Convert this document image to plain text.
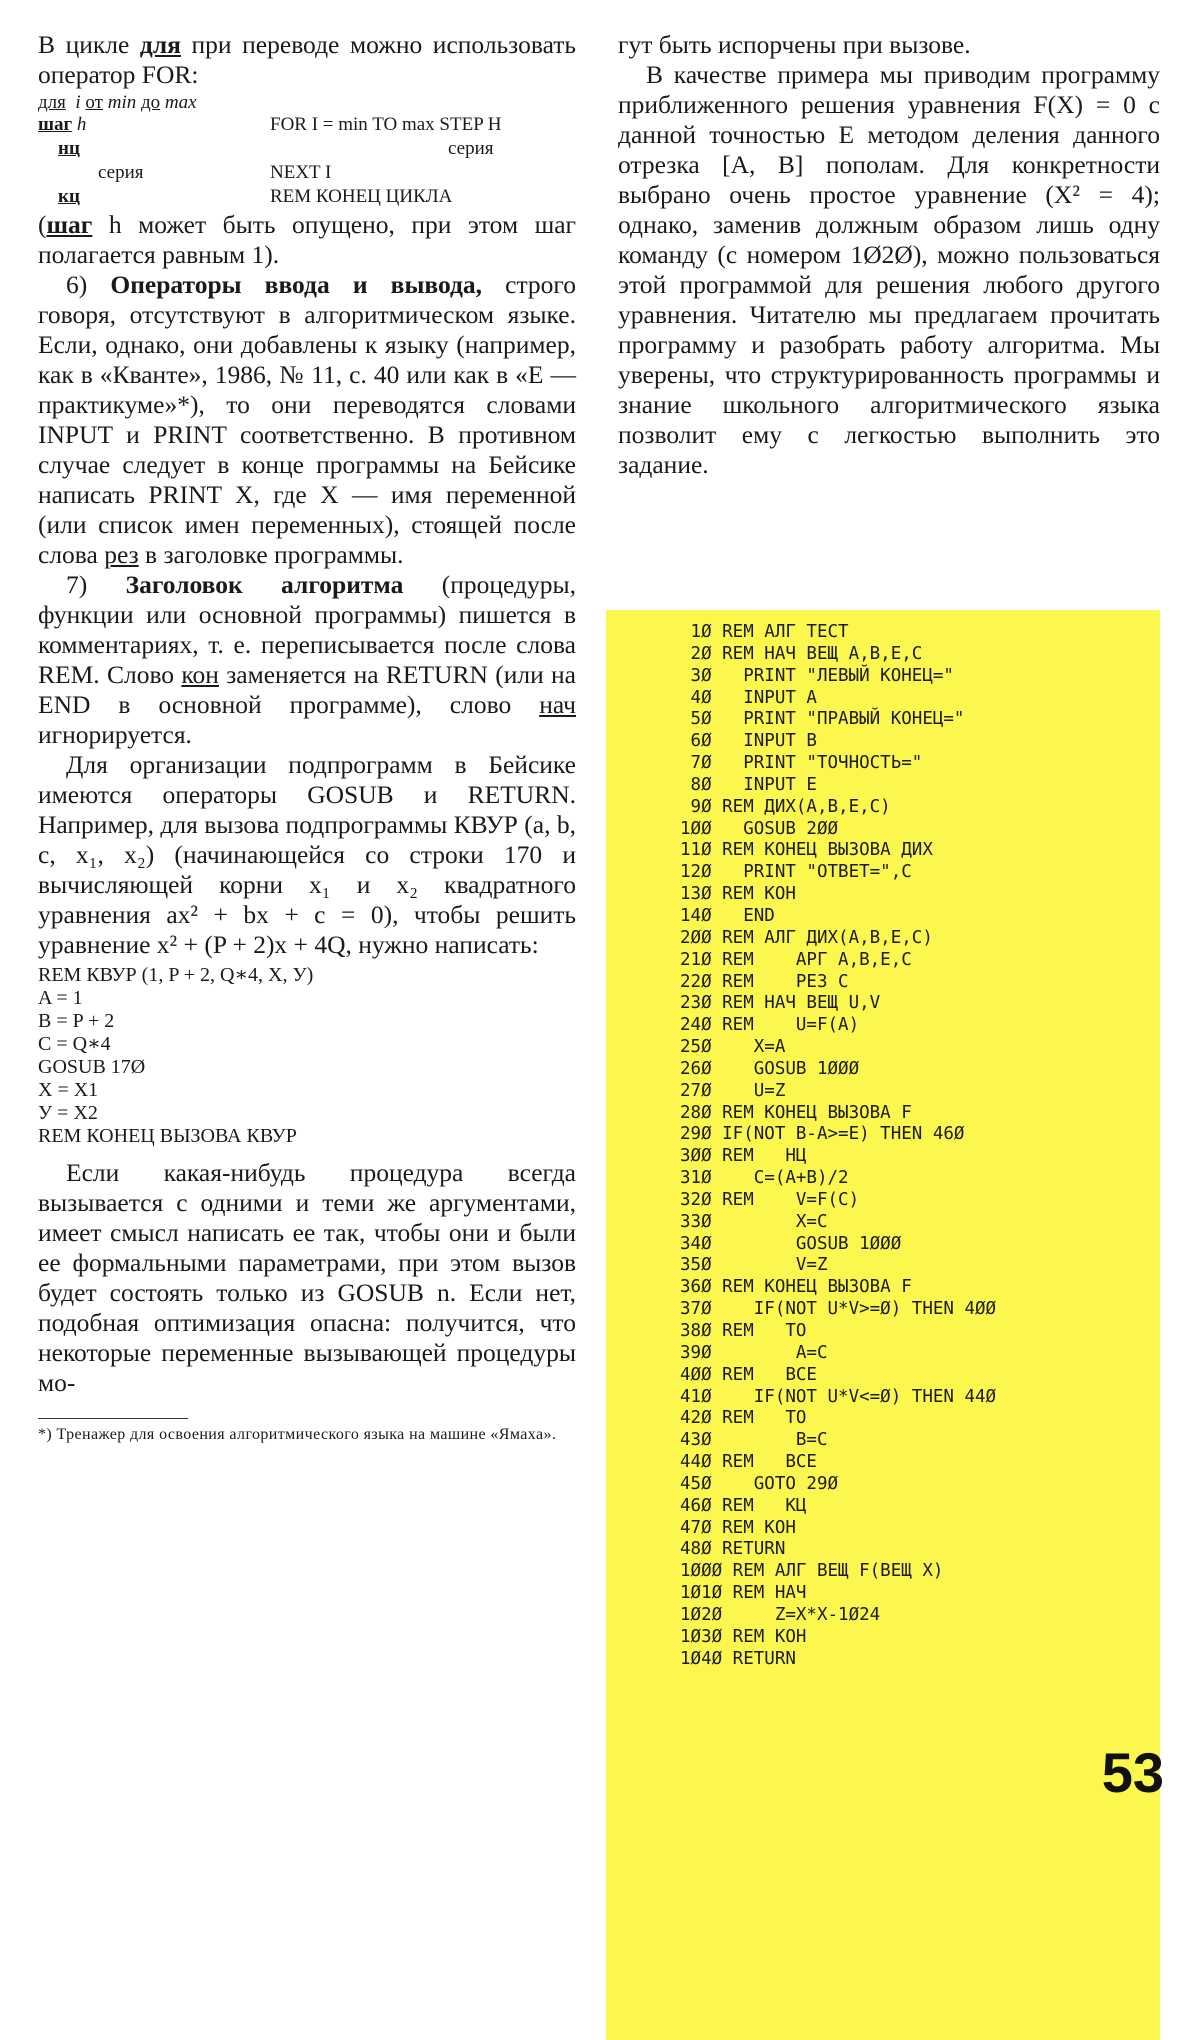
В цикле для при переводе можно использовать оператор FOR:

для i от min до max
шаг h	FOR I = min TO max STEP H
нц	серия
серия	NEXT I
кц	REM КОНЕЦ ЦИКЛА

(шаг h может быть опущено, при этом шаг полагается равным 1).

6) Операторы ввода и вывода, строго говоря, отсутствуют в алгоритмическом языке. Если, однако, они добавлены к языку (например, как в «Кванте», 1986, № 11, с. 40 или как в «Е — практикуме»*), то они переводятся словами INPUT и PRINT соответственно. В противном случае следует в конце программы на Бейсике написать PRINT X, где X — имя переменной (или список имен переменных), стоящей после слова рез в заголовке программы.

7) Заголовок алгоритма (процедуры, функции или основной программы) пишется в комментариях, т. е. переписывается после слова REM. Слово кон заменяется на RETURN (или на END в основной программе), слово нач игнорируется.

Для организации подпрограмм в Бейсике имеются операторы GOSUB и RETURN. Например, для вызова подпрограммы КВУР (a, b, c, x₁, x₂) (начинающейся со строки 170 и вычисляющей корни x₁ и x₂ квадратного уравнения ax² + bx + c = 0), чтобы решить уравнение x² + (P + 2)x + 4Q, нужно написать:

REM КВУР (1, P + 2, Q∗4, X, У)
A = 1
B = P + 2
C = Q∗4
GOSUB 17Ø
X = X1
У = X2
REM КОНЕЦ ВЫЗОВА КВУР

Если какая-нибудь процедура всегда вызывается с одними и теми же аргументами, имеет смысл написать ее так, чтобы они и были ее формальными параметрами, при этом вызов будет состоять только из GOSUB n. Если нет, подобная оптимизация опасна: получится, что некоторые переменные вызывающей процедуры мо-

*) Тренажер для освоения алгоритмического языка на машине «Ямаха».

гут быть испорчены при вызове.

В качестве примера мы приводим программу приближенного решения уравнения F(X) = 0 с данной точностью E методом деления данного отрезка [A, B] пополам. Для конкретности выбрано очень простое уравнение (X² = 4); однако, заменив должным образом лишь одну команду (с номером 1Ø2Ø), можно пользоваться этой программой для решения любого другого уравнения. Читателю мы предлагаем прочитать программу и разобрать работу алгоритма. Мы уверены, что структурированность программы и знание школьного алгоритмического языка позволит ему с легкостью выполнить это задание.

1Ø REM АЛГ ТЕСТ
2Ø REM НАЧ ВЕЩ A,B,E,C
3Ø   PRINT "ЛЕВЫЙ КОНЕЦ="
4Ø   INPUT A
5Ø   PRINT "ПРАВЫЙ КОНЕЦ="
6Ø   INPUT B
7Ø   PRINT "ТОЧНОСТЬ="
8Ø   INPUT E
9Ø REM ДИХ(A,B,E,C)
1ØØ   GOSUB 2ØØ
11Ø REM КОНЕЦ ВЫЗОВА ДИХ
12Ø   PRINT "ОТВЕТ=",C
13Ø REM КОН
14Ø   END
2ØØ REM АЛГ ДИХ(A,B,E,C)
21Ø REM    АРГ A,B,E,C
22Ø REM    РЕЗ C
23Ø REM НАЧ ВЕЩ U,V
24Ø REM    U=F(A)
25Ø    X=A
26Ø    GOSUB 1ØØØ
27Ø    U=Z
28Ø REM КОНЕЦ ВЫЗОВА F
29Ø IF(NOT B-A>=E) THEN 46Ø
3ØØ REM   НЦ
31Ø    C=(A+B)/2
32Ø REM    V=F(C)
33Ø        X=C
34Ø        GOSUB 1ØØØ
35Ø        V=Z
36Ø REM КОНЕЦ ВЫЗОВА F
37Ø    IF(NOT U*V>=Ø) THEN 4ØØ
38Ø REM   ТО
39Ø        A=C
4ØØ REM   ВСЕ
41Ø    IF(NOT U*V<=Ø) THEN 44Ø
42Ø REM   ТО
43Ø        B=C
44Ø REM   ВСЕ
45Ø    GOTO 29Ø
46Ø REM   КЦ
47Ø REM КОН
48Ø RETURN
1ØØØ REM АЛГ ВЕЩ F(ВЕЩ X)
1Ø1Ø REM НАЧ
1Ø2Ø     Z=X*X-1Ø24
1Ø3Ø REM КОН
1Ø4Ø RETURN
53
